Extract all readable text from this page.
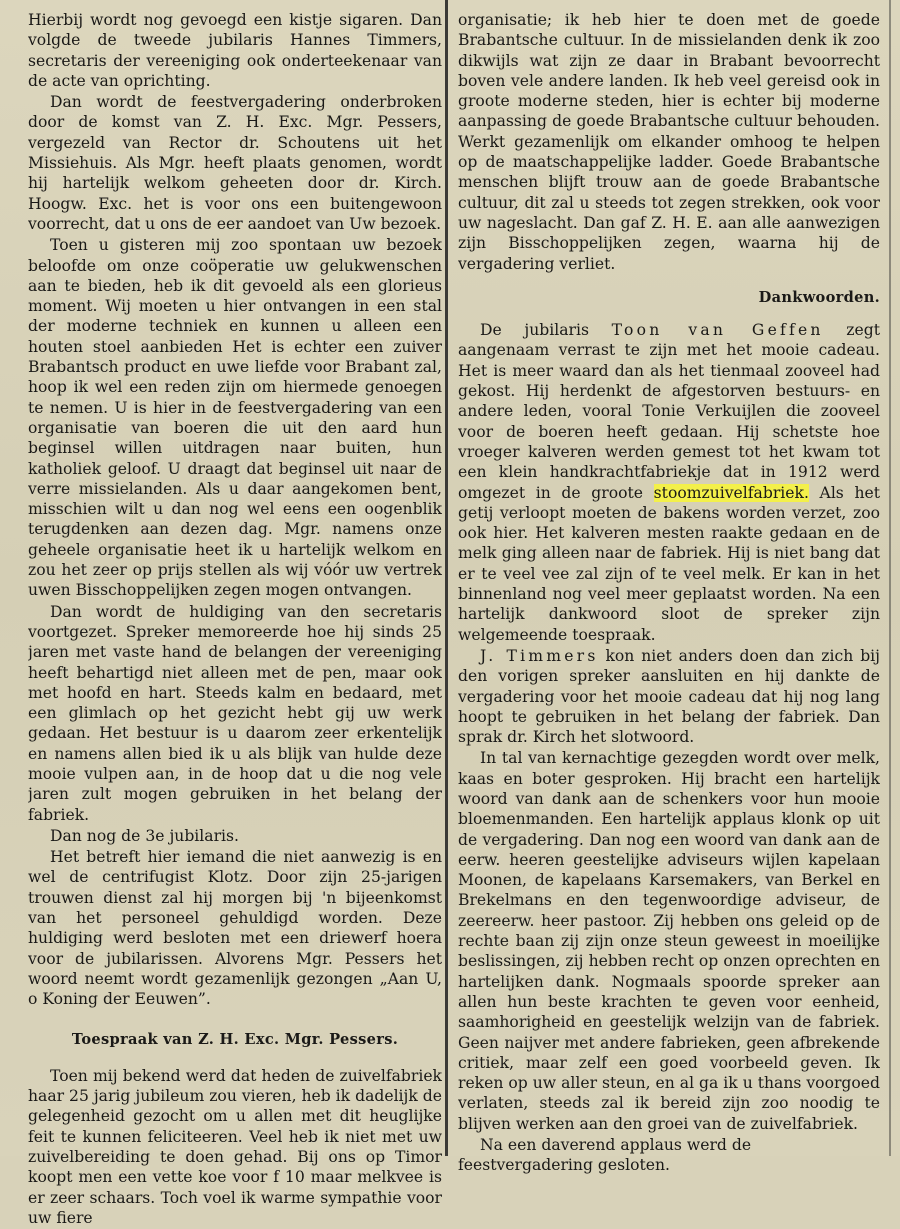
Hierbij wordt nog gevoegd een kistje sigaren. Dan volgde de tweede jubilaris Hannes Timmers, secretaris der vereeniging ook onderteekenaar van de acte van oprichting.

Dan wordt de feestvergadering onderbroken door de komst van Z. H. Exc. Mgr. Pessers, vergezeld van Rector dr. Schoutens uit het Missiehuis. Als Mgr. heeft plaats genomen, wordt hij hartelijk welkom geheeten door dr. Kirch. Hoogw. Exc. het is voor ons een buitengewoon voorrecht, dat u ons de eer aandoet van Uw bezoek.

Toen u gisteren mij zoo spontaan uw bezoek beloofde om onze coöperatie uw gelukwenschen aan te bieden, heb ik dit gevoeld als een glorieus moment. Wij moeten u hier ontvangen in een stal der moderne techniek en kunnen u alleen een houten stoel aanbieden Het is echter een zuiver Brabantsch product en uwe liefde voor Brabant zal, hoop ik wel een reden zijn om hiermede genoegen te nemen. U is hier in de feestvergadering van een organisatie van boeren die uit den aard hun beginsel willen uitdragen naar buiten, hun katholiek geloof. U draagt dat beginsel uit naar de verre missielanden. Als u daar aangekomen bent, misschien wilt u dan nog wel eens een oogenblik terugdenken aan dezen dag. Mgr. namens onze geheele organisatie heet ik u hartelijk welkom en zou het zeer op prijs stellen als wij vóór uw vertrek uwen Bisschoppelijken zegen mogen ontvangen.

Dan wordt de huldiging van den secretaris voortgezet. Spreker memoreerde hoe hij sinds 25 jaren met vaste hand de belangen der vereeniging heeft behartigd niet alleen met de pen, maar ook met hoofd en hart. Steeds kalm en bedaard, met een glimlach op het gezicht hebt gij uw werk gedaan. Het bestuur is u daarom zeer erkentelijk en namens allen bied ik u als blijk van hulde deze mooie vulpen aan, in de hoop dat u die nog vele jaren zult mogen gebruiken in het belang der fabriek.

Dan nog de 3e jubilaris.

Het betreft hier iemand die niet aanwezig is en wel de centrifugist Klotz. Door zijn 25-jarigen trouwen dienst zal hij morgen bij 'n bijeenkomst van het personeel gehuldigd worden. Deze huldiging werd besloten met een driewerf hoera voor de jubilarissen. Alvorens Mgr. Pessers het woord neemt wordt gezamenlijk gezongen „Aan U, o Koning der Eeuwen”.

Toespraak van Z. H. Exc. Mgr. Pessers.

Toen mij bekend werd dat heden de zuivelfabriek haar 25 jarig jubileum zou vieren, heb ik dadelijk de gelegenheid gezocht om u allen met dit heuglijke feit te kunnen feliciteeren. Veel heb ik niet met uw zuivelbereiding te doen gehad. Bij ons op Timor koopt men een vette koe voor f 10 maar melkvee is er zeer schaars. Toch voel ik warme sympathie voor uw fiere

organisatie; ik heb hier te doen met de goede Brabantsche cultuur. In de missielanden denk ik zoo dikwijls wat zijn ze daar in Brabant bevoorrecht boven vele andere landen. Ik heb veel gereisd ook in groote moderne steden, hier is echter bij moderne aanpassing de goede Brabantsche cultuur behouden. Werkt gezamenlijk om elkander omhoog te helpen op de maatschappelijke ladder. Goede Brabantsche menschen blijft trouw aan de goede Brabantsche cultuur, dit zal u steeds tot zegen strekken, ook voor uw nageslacht. Dan gaf Z. H. E. aan alle aanwezigen zijn Bisschoppelijken zegen, waarna hij de vergadering verliet.

Dankwoorden.

De jubilaris Toon van Geffen zegt aangenaam verrast te zijn met het mooie cadeau. Het is meer waard dan als het tienmaal zooveel had gekost. Hij herdenkt de afgestorven bestuurs- en andere leden, vooral Tonie Verkuijlen die zooveel voor de boeren heeft gedaan. Hij schetste hoe vroeger kalveren werden gemest tot het kwam tot een klein handkrachtfabriekje dat in 1912 werd omgezet in de groote stoomzuivelfabriek. Als het getij verloopt moeten de bakens worden verzet, zoo ook hier. Het kalveren mesten raakte gedaan en de melk ging alleen naar de fabriek. Hij is niet bang dat er te veel vee zal zijn of te veel melk. Er kan in het binnenland nog veel meer geplaatst worden. Na een hartelijk dankwoord sloot de spreker zijn welgemeende toespraak.

J. Timmers kon niet anders doen dan zich bij den vorigen spreker aansluiten en hij dankte de vergadering voor het mooie cadeau dat hij nog lang hoopt te gebruiken in het belang der fabriek. Dan sprak dr. Kirch het slotwoord.

In tal van kernachtige gezegden wordt over melk, kaas en boter gesproken. Hij bracht een hartelijk woord van dank aan de schenkers voor hun mooie bloemenmanden. Een hartelijk applaus klonk op uit de vergadering. Dan nog een woord van dank aan de eerw. heeren geestelijke adviseurs wijlen kapelaan Moonen, de kapelaans Karsemakers, van Berkel en Brekelmans en den tegenwoordige adviseur, de zeereerw. heer pastoor. Zij hebben ons geleid op de rechte baan zij zijn onze steun geweest in moeilijke beslissingen, zij hebben recht op onzen oprechten en hartelijken dank. Nogmaals spoorde spreker aan allen hun beste krachten te geven voor eenheid, saamhorigheid en geestelijk welzijn van de fabriek. Geen naijver met andere fabrieken, geen afbrekende critiek, maar zelf een goed voorbeeld geven. Ik reken op uw aller steun, en al ga ik u thans voorgoed verlaten, steeds zal ik bereid zijn zoo noodig te blijven werken aan den groei van de zuivelfabriek.

Na een daverend applaus werd de feestvergadering gesloten.
